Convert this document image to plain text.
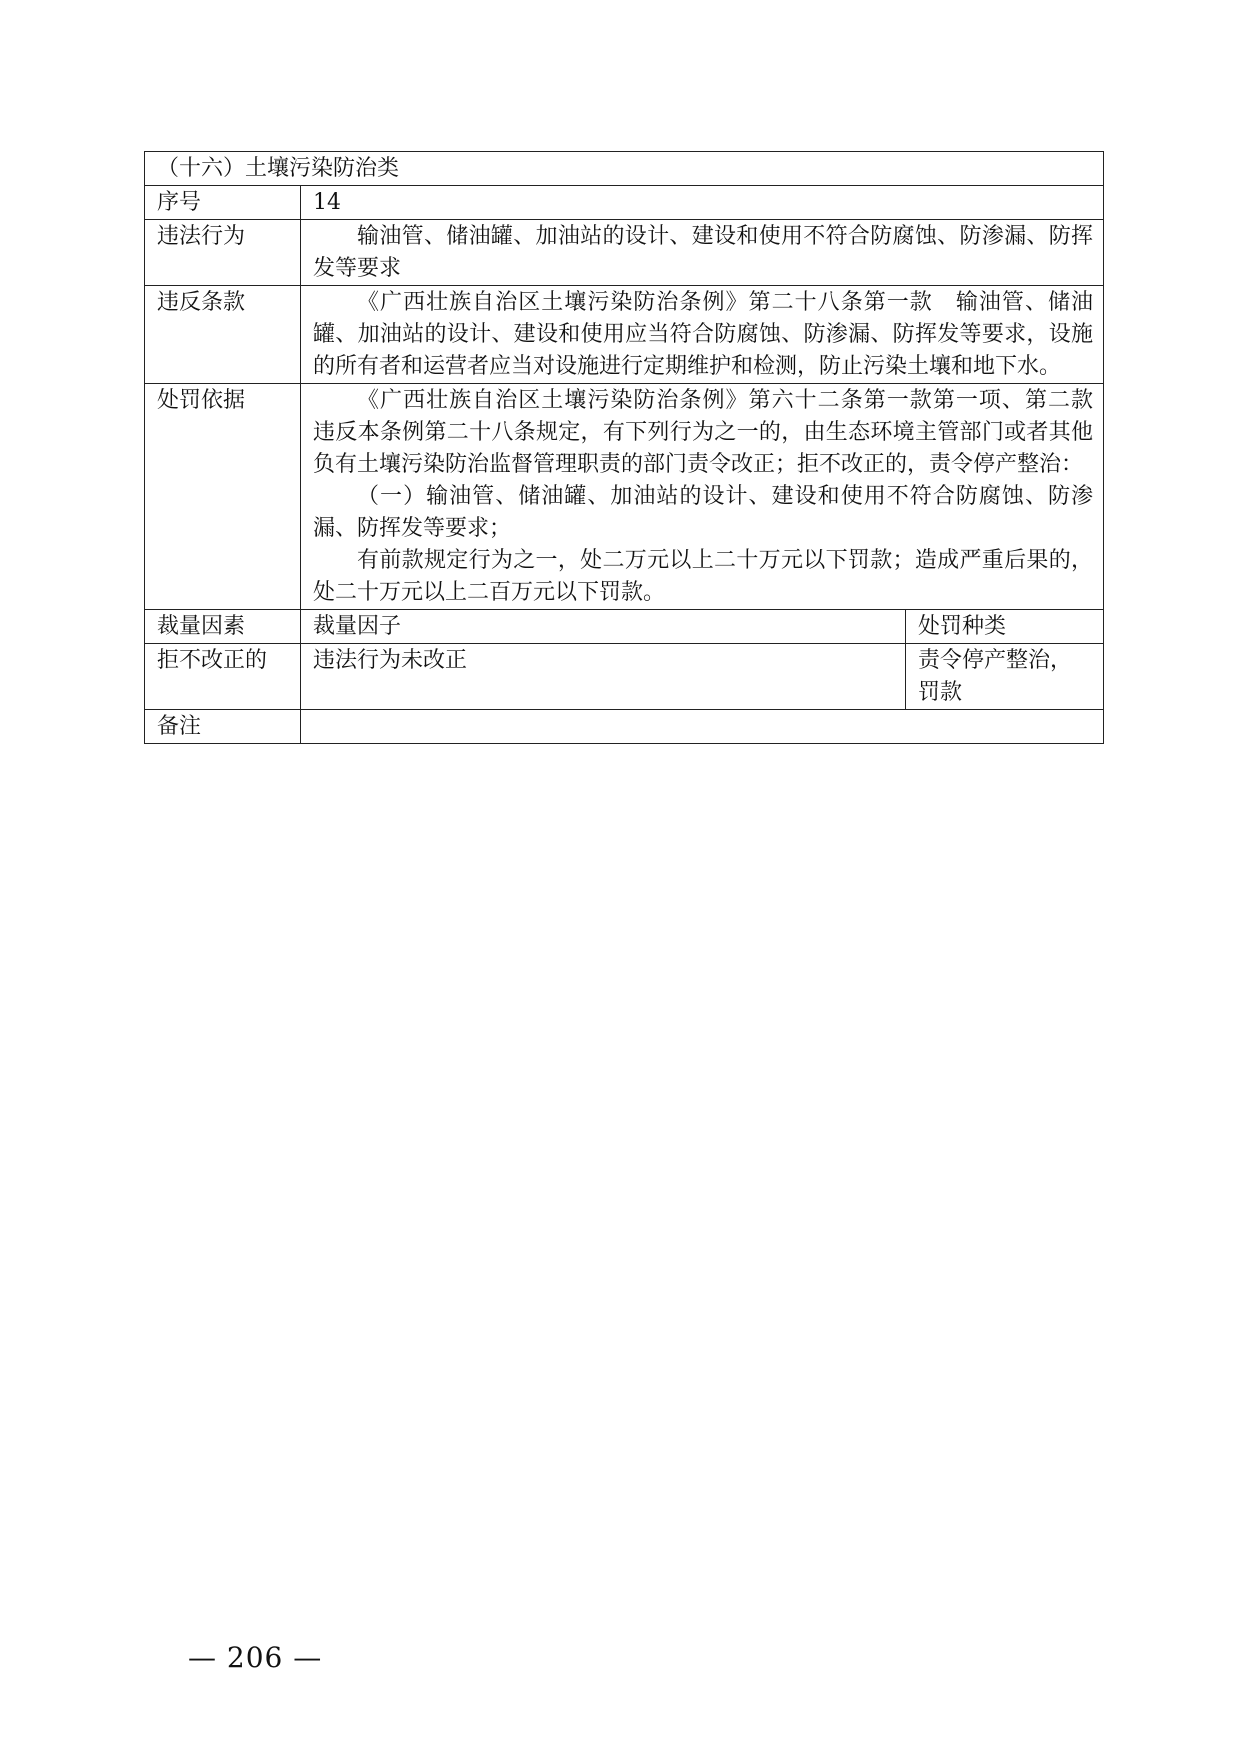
（十六）土壤污染防治类		
序号	14	
违法行为	输油管、储油罐、加油站的设计、建设和使用不符合防腐蚀、防渗漏、防挥发等要求	

违反条款	《广西壮族自治区土壤污染防治条例》第二十八条第一款　输油管、储油罐、加油站的设计、建设和使用应当符合防腐蚀、防渗漏、防挥发等要求，设施的所有者和运营者应当对设施进行定期维护和检测，防止污染土壤和地下水。	

处罚依据	《广西壮族自治区土壤污染防治条例》第六十二条第一款第一项、第二款　违反本条例第二十八条规定，有下列行为之一的，由生态环境主管部门或者其他负有土壤污染防治监督管理职责的部门责令改正；拒不改正的，责令停产整治：
（一）输油管、储油罐、加油站的设计、建设和使用不符合防腐蚀、防渗漏、防挥发等要求；
有前款规定行为之一，处二万元以上二十万元以下罚款；造成严重后果的，处二十万元以上二百万元以下罚款。	

裁量因素	裁量因子	处罚种类
拒不改正的	违法行为未改正	责令停产整治，罚款
备注		
— 206 —
